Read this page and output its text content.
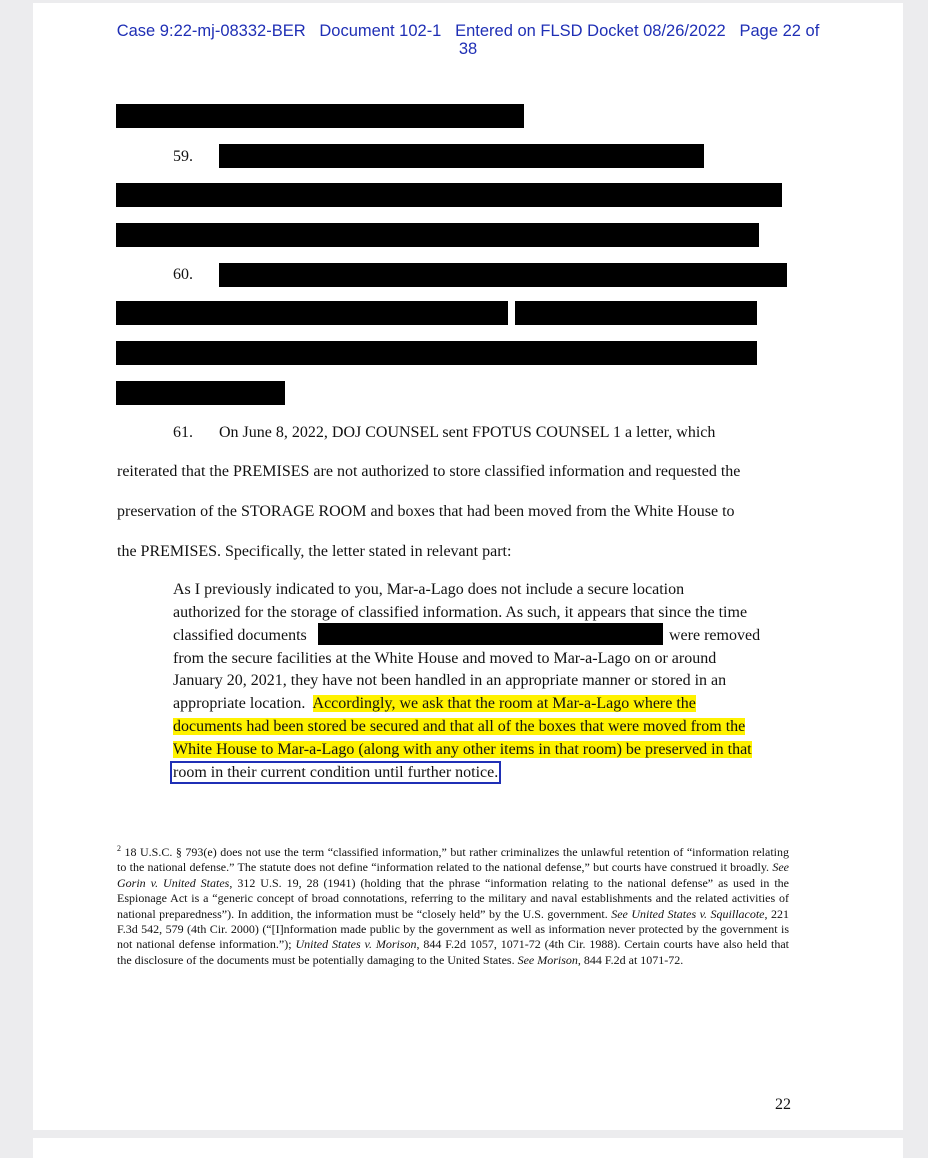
Case 9:22-mj-08332-BER   Document 102-1   Entered on FLSD Docket 08/26/2022   Page 22 of
38
59.
60.
61. On June 8, 2022, DOJ COUNSEL sent FPOTUS COUNSEL 1 a letter, which
reiterated that the PREMISES are not authorized to store classified information and requested the
preservation of the STORAGE ROOM and boxes that had been moved from the White House to
the PREMISES. Specifically, the letter stated in relevant part:
As I previously indicated to you, Mar-a-Lago does not include a secure location
authorized for the storage of classified information. As such, it appears that since the time
classified documents	were removed
from the secure facilities at the White House and moved to Mar-a-Lago on or around
January 20, 2021, they have not been handled in an appropriate manner or stored in an
appropriate location.  Accordingly, we ask that the room at Mar-a-Lago where the
documents had been stored be secured and that all of the boxes that were moved from the
White House to Mar-a-Lago (along with any other items in that room) be preserved in that
room in their current condition until further notice.

$^2$ 18 U.S.C. § 793(e) does not use the term “classified information,” but rather criminalizes the unlawful retention of “information relating to the national defense.” The statute does not define “information related to the national defense,” but courts have construed it broadly. See Gorin v. United States, 312 U.S. 19, 28 (1941) (holding that the phrase “information relating to the national defense” as used in the Espionage Act is a “generic concept of broad connotations, referring to the military and naval establishments and the related activities of national preparedness”). In addition, the information must be “closely held” by the U.S. government. See United States v. Squillacote, 221 F.3d 542, 579 (4th Cir. 2000) (“[I]nformation made public by the government as well as information never protected by the government is not national defense information.”); United States v. Morison, 844 F.2d 1057, 1071-72 (4th Cir. 1988). Certain courts have also held that the disclosure of the documents must be potentially damaging to the United States. See Morison, 844 F.2d at 1071-72.

22
